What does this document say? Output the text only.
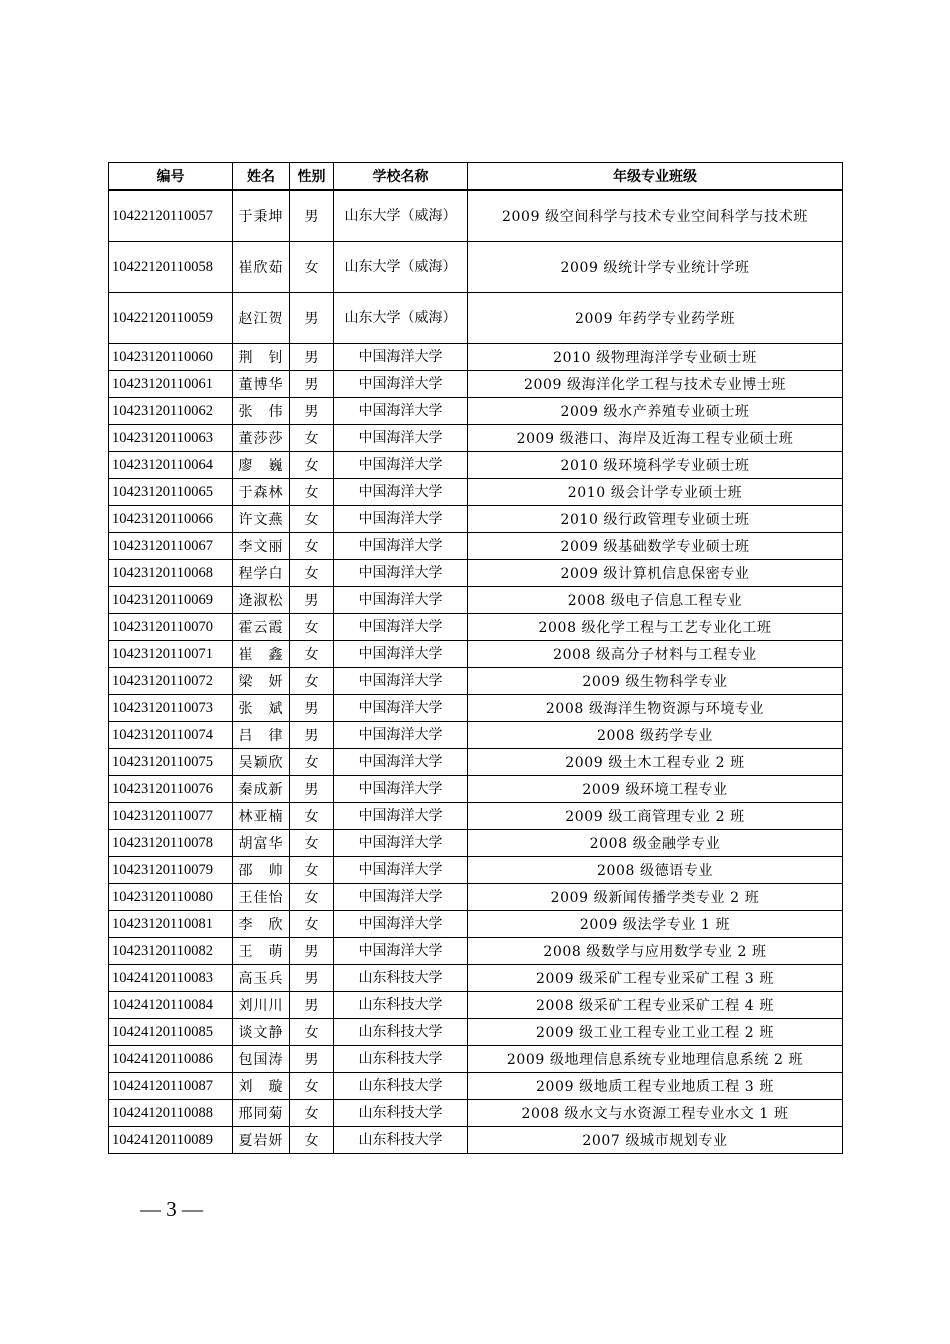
编号	姓名	性别	学校名称	年级专业班级
10422120110057	于秉坤	男	山东大学（威海）	2009 级空间科学与技术专业空间科学与技术班
10422120110058	崔欣茹	女	山东大学（威海）	2009 级统计学专业统计学班
10422120110059	赵江贺	男	山东大学（威海）	2009 年药学专业药学班
10423120110060	荆　钊	男	中国海洋大学	2010 级物理海洋学专业硕士班
10423120110061	董博华	男	中国海洋大学	2009 级海洋化学工程与技术专业博士班
10423120110062	张　伟	男	中国海洋大学	2009 级水产养殖专业硕士班
10423120110063	董莎莎	女	中国海洋大学	2009 级港口、海岸及近海工程专业硕士班
10423120110064	廖　巍	女	中国海洋大学	2010 级环境科学专业硕士班
10423120110065	于森林	女	中国海洋大学	2010 级会计学专业硕士班
10423120110066	许文燕	女	中国海洋大学	2010 级行政管理专业硕士班
10423120110067	李文丽	女	中国海洋大学	2009 级基础数学专业硕士班
10423120110068	程学白	女	中国海洋大学	2009 级计算机信息保密专业
10423120110069	逄淑松	男	中国海洋大学	2008 级电子信息工程专业
10423120110070	霍云霞	女	中国海洋大学	2008 级化学工程与工艺专业化工班
10423120110071	崔　鑫	女	中国海洋大学	2008 级高分子材料与工程专业
10423120110072	梁　妍	女	中国海洋大学	2009 级生物科学专业
10423120110073	张　斌	男	中国海洋大学	2008 级海洋生物资源与环境专业
10423120110074	吕　律	男	中国海洋大学	2008 级药学专业
10423120110075	吴颖欣	女	中国海洋大学	2009 级土木工程专业 2 班
10423120110076	秦成新	男	中国海洋大学	2009 级环境工程专业
10423120110077	林亚楠	女	中国海洋大学	2009 级工商管理专业 2 班
10423120110078	胡富华	女	中国海洋大学	2008 级金融学专业
10423120110079	邵　帅	女	中国海洋大学	2008 级德语专业
10423120110080	王佳怡	女	中国海洋大学	2009 级新闻传播学类专业 2 班
10423120110081	李　欣	女	中国海洋大学	2009 级法学专业 1 班
10423120110082	王　萌	男	中国海洋大学	2008 级数学与应用数学专业 2 班
10424120110083	高玉兵	男	山东科技大学	2009 级采矿工程专业采矿工程 3 班
10424120110084	刘川川	男	山东科技大学	2008 级采矿工程专业采矿工程 4 班
10424120110085	谈文静	女	山东科技大学	2009 级工业工程专业工业工程 2 班
10424120110086	包国涛	男	山东科技大学	2009 级地理信息系统专业地理信息系统 2 班
10424120110087	刘　璇	女	山东科技大学	2009 级地质工程专业地质工程 3 班
10424120110088	邢同菊	女	山东科技大学	2008 级水文与水资源工程专业水文 1 班
10424120110089	夏岩妍	女	山东科技大学	2007 级城市规划专业
— 3 —
